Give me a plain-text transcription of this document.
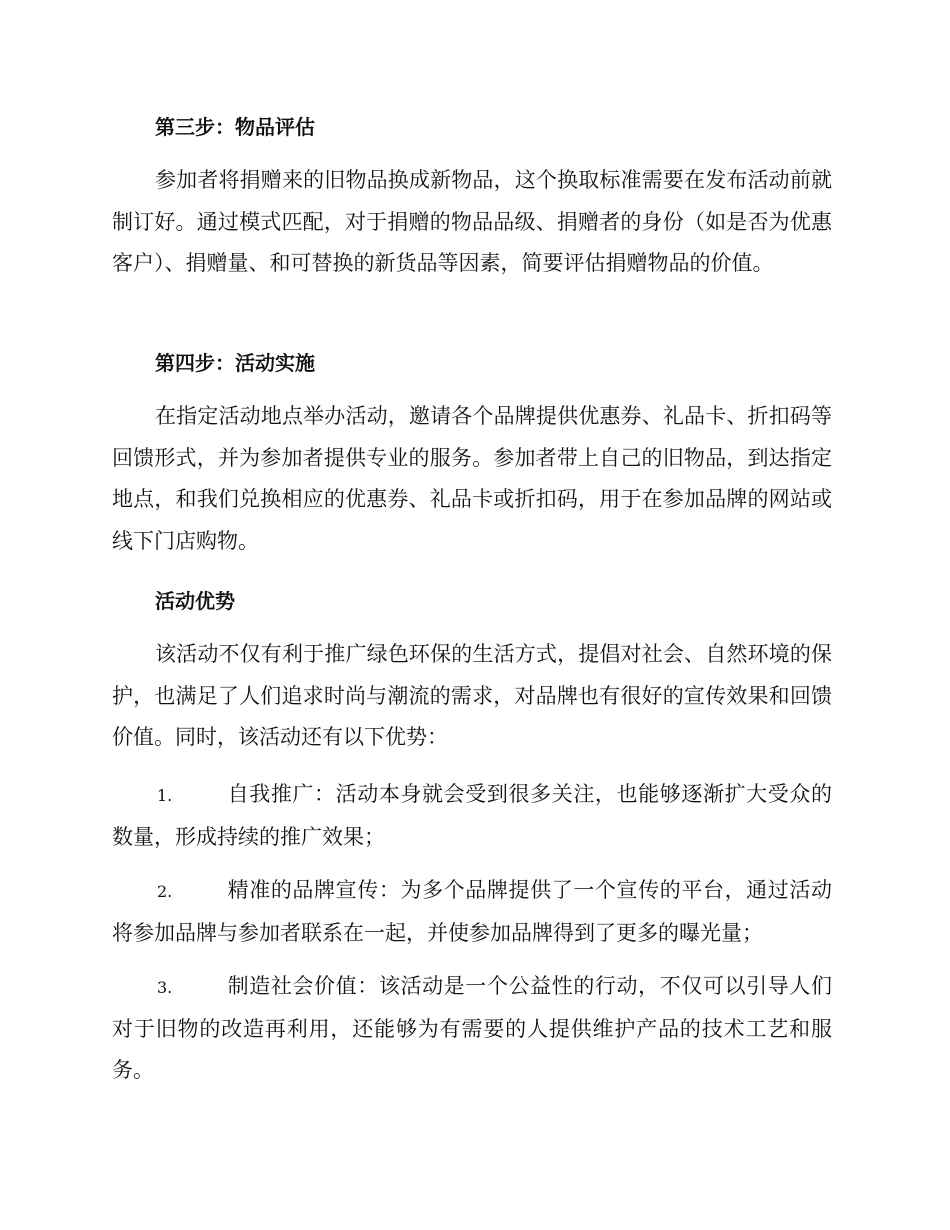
第三步：物品评估

参加者将捐赠来的旧物品换成新物品，这个换取标准需要在发布活动前就制订好。通过模式匹配，对于捐赠的物品品级、捐赠者的身份（如是否为优惠客户）、捐赠量、和可替换的新货品等因素，简要评估捐赠物品的价值。

第四步：活动实施

在指定活动地点举办活动，邀请各个品牌提供优惠券、礼品卡、折扣码等回馈形式，并为参加者提供专业的服务。参加者带上自己的旧物品，到达指定地点，和我们兑换相应的优惠券、礼品卡或折扣码，用于在参加品牌的网站或线下门店购物。

活动优势

该活动不仅有利于推广绿色环保的生活方式，提倡对社会、自然环境的保护，也满足了人们追求时尚与潮流的需求，对品牌也有很好的宣传效果和回馈价值。同时，该活动还有以下优势：

1.	自我推广：活动本身就会受到很多关注，也能够逐渐扩大受众的数量，形成持续的推广效果；

2.	精准的品牌宣传：为多个品牌提供了一个宣传的平台，通过活动将参加品牌与参加者联系在一起，并使参加品牌得到了更多的曝光量；

3.	制造社会价值：该活动是一个公益性的行动，不仅可以引导人们对于旧物的改造再利用，还能够为有需要的人提供维护产品的技术工艺和服务。
